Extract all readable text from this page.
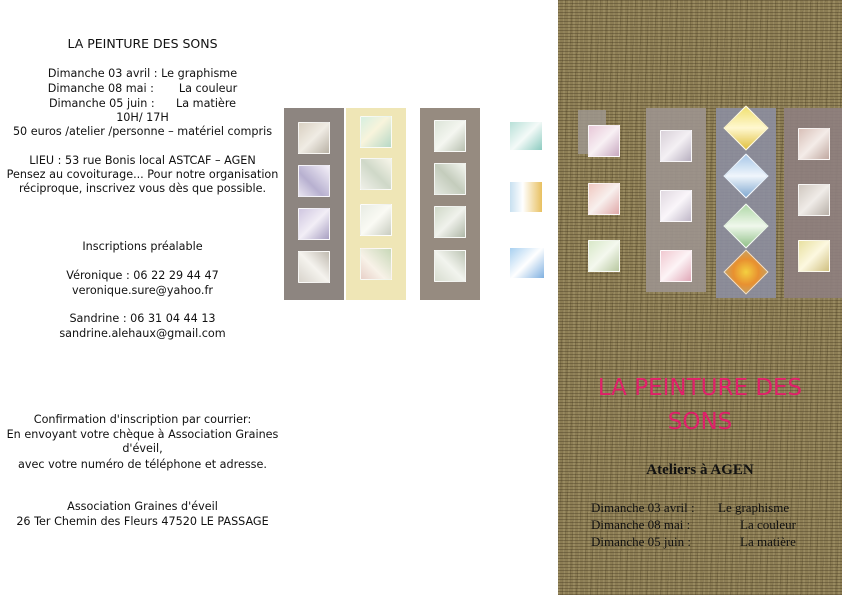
LA PEINTURE DES SONS
Dimanche 03 avril : Le graphisme
Dimanche 08 mai :       La couleur
Dimanche 05 juin :      La matière
10H/ 17H
50 euros /atelier /personne – matériel compris
LIEU : 53 rue Bonis local ASTCAF – AGEN
Pensez au covoiturage... Pour notre organisation
réciproque, inscrivez vous dès que possible.
Inscriptions préalable
Véronique : 06 22 29 44 47
veronique.sure@yahoo.fr
Sandrine : 06 31 04 44 13
sandrine.alehaux@gmail.com
Confirmation d'inscription par courrier:
En envoyant votre chèque à Association Graines
d'éveil,
avec votre numéro de téléphone et adresse.
Association Graines d'éveil
26 Ter Chemin des Fleurs 47520 LE PASSAGE
LA PEINTURE DES
SONS
Ateliers à AGEN
Dimanche 03 avril : Le graphisme
Dimanche 08 mai :	La couleur
Dimanche 05 juin :	La matière
